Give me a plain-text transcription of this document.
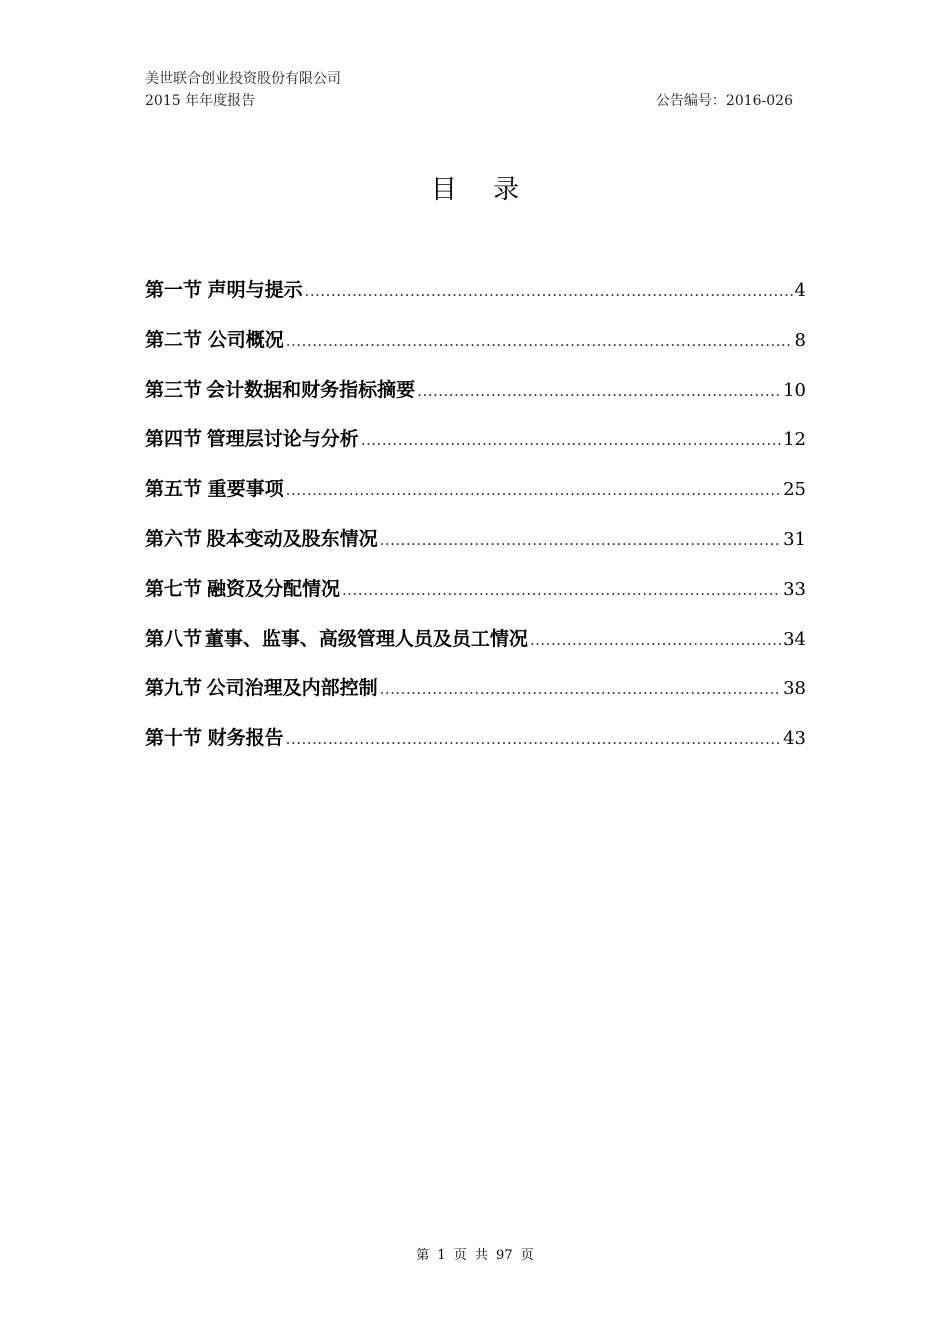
美世联合创业投资股份有限公司
2015 年年度报告	公告编号：2016-026
目 录
第一节 声明与提示 .....	4
第二节 公司概况 .....	8
第三节 会计数据和财务指标摘要 .....	10
第四节 管理层讨论与分析 .....	12
第五节 重要事项 .....	25
第六节 股本变动及股东情况 .....	31
第七节 融资及分配情况 .....	33
第八节 董事、监事、高级管理人员及员工情况 .....	34
第九节 公司治理及内部控制 .....	38
第十节 财务报告 .....	43
第 1 页 共 97 页
